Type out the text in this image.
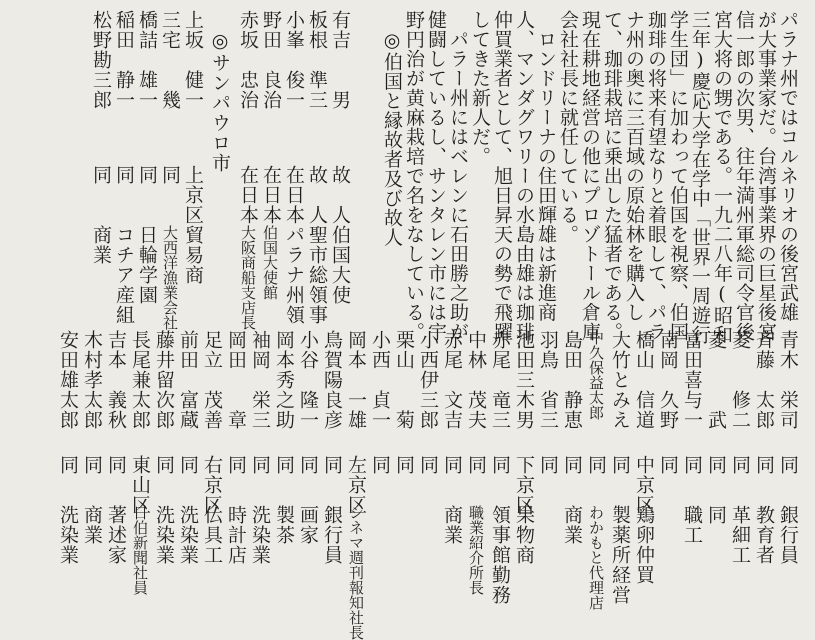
パラナ州ではコルネリオの後宮武雄
が大事業家だ。台湾事業界の巨星後宮
信一郎の次男、往年満州軍総司令官後
宮大将の甥である。一九二八年(昭和
三年)慶応大学在学中「世界一周遊行
学生団」に加わって伯国を視察、伯国
珈琲の将来有望なりと着眼して、パラ
ナ州の奥に三百域の原始林を購入し
て、珈琲栽培に乗出した猛者である。
現在耕地経営の他にプロゾトール倉庫
会社社長に就任している。
　ロンドリーナの住田輝雄は新進商
人、マンダグワリーの水島由雄は珈琲
仲買業者として、旭日昇天の勢で飛躍
してきた新人だ。
　パラー州にはベレンに石田勝之助が
健闘しているし、サンタレン市には宇
野円治が黄麻栽培で名をなしている。
　◎伯国と縁故者及び故人
有吉　　男
故　人
伯国大使
板根　準三
故　人
聖市総領事
小峯　俊一
在日本
パラナ州領
野田　良治
在日本
伯国大使館
赤坂　忠治
在日本
大阪商船支店長
◎サンパウロ市
上坂　健一
上京区
貿易商
三宅　　幾
同
大西洋漁業会社
橋詰　雄一
同
日輪学園
稲田　静一
同
コチア産組
松野勘三郎
同
商業
青木　栄司
同
銀行員
斉藤　太郎
同
教育者
菱　　修二
同
革細工
菱　　　武
同
同
富田喜与一
同
職工
南岡　久野
同
橋山　信道
中京区
鶏卵仲買
大竹とみえ
同
製薬所経営
中久保益太郎
同
わかもと代理店
島田　静恵
同
商業
羽鳥　省三
同
池田三木男
下京区
果物商
赤尾　竜三
同
領事館勤務
中林　茂夫
同
職業紹介所長
赤尾　文吉
同
商業
小西伊三郎
同
栗山　　菊
同
小西　貞一
同
岡本　一雄
左京区
シネマ週刊報知社長
鳥賀陽良彦
同
銀行員
小谷　隆一
同
画家
岡本秀之助
同
製茶
袖岡　栄三
同
洗染業
岡田　　章
同
時計店
足立　茂善
右京区
仏具工
前田　富蔵
同
洗染業
藤井留次郎
同
洗染業
長尾兼太郎
東山区
日伯新聞社員
吉本　義秋
同
著述家
木村孝太郎
同
商業
安田雄太郎
同
洗染業
